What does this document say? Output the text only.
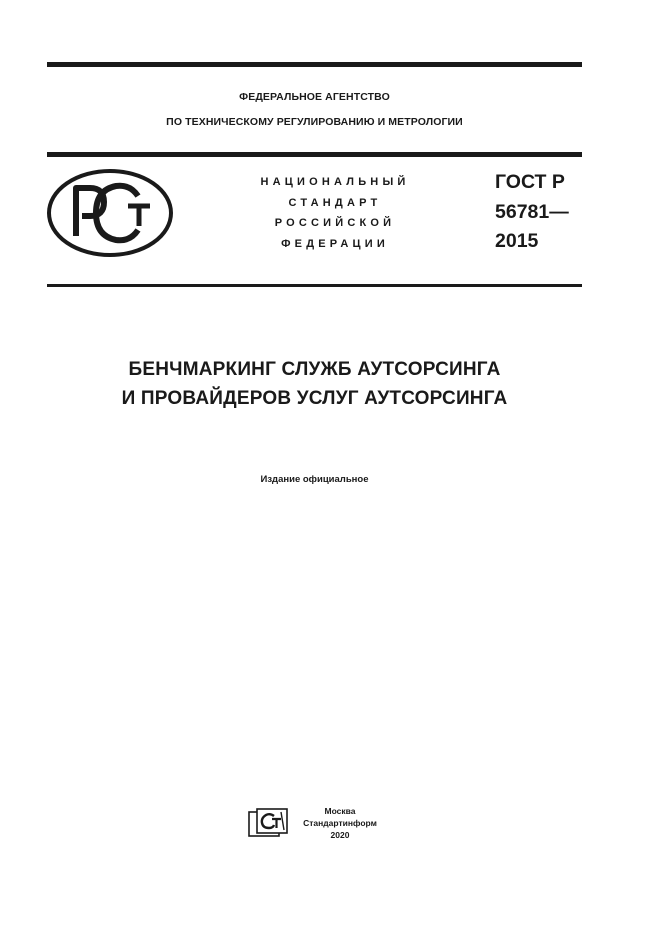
ФЕДЕРАЛЬНОЕ АГЕНТСТВО
ПО ТЕХНИЧЕСКОМУ РЕГУЛИРОВАНИЮ И МЕТРОЛОГИИ
НАЦИОНАЛЬНЫЙ
СТАНДАРТ
РОССИЙСКОЙ
ФЕДЕРАЦИИ
ГОСТ Р
56781—
2015
БЕНЧМАРКИНГ СЛУЖБ АУТСОРСИНГА
И ПРОВАЙДЕРОВ УСЛУГ АУТСОРСИНГА
Издание официальное
Москва
Стандартинформ
2020
